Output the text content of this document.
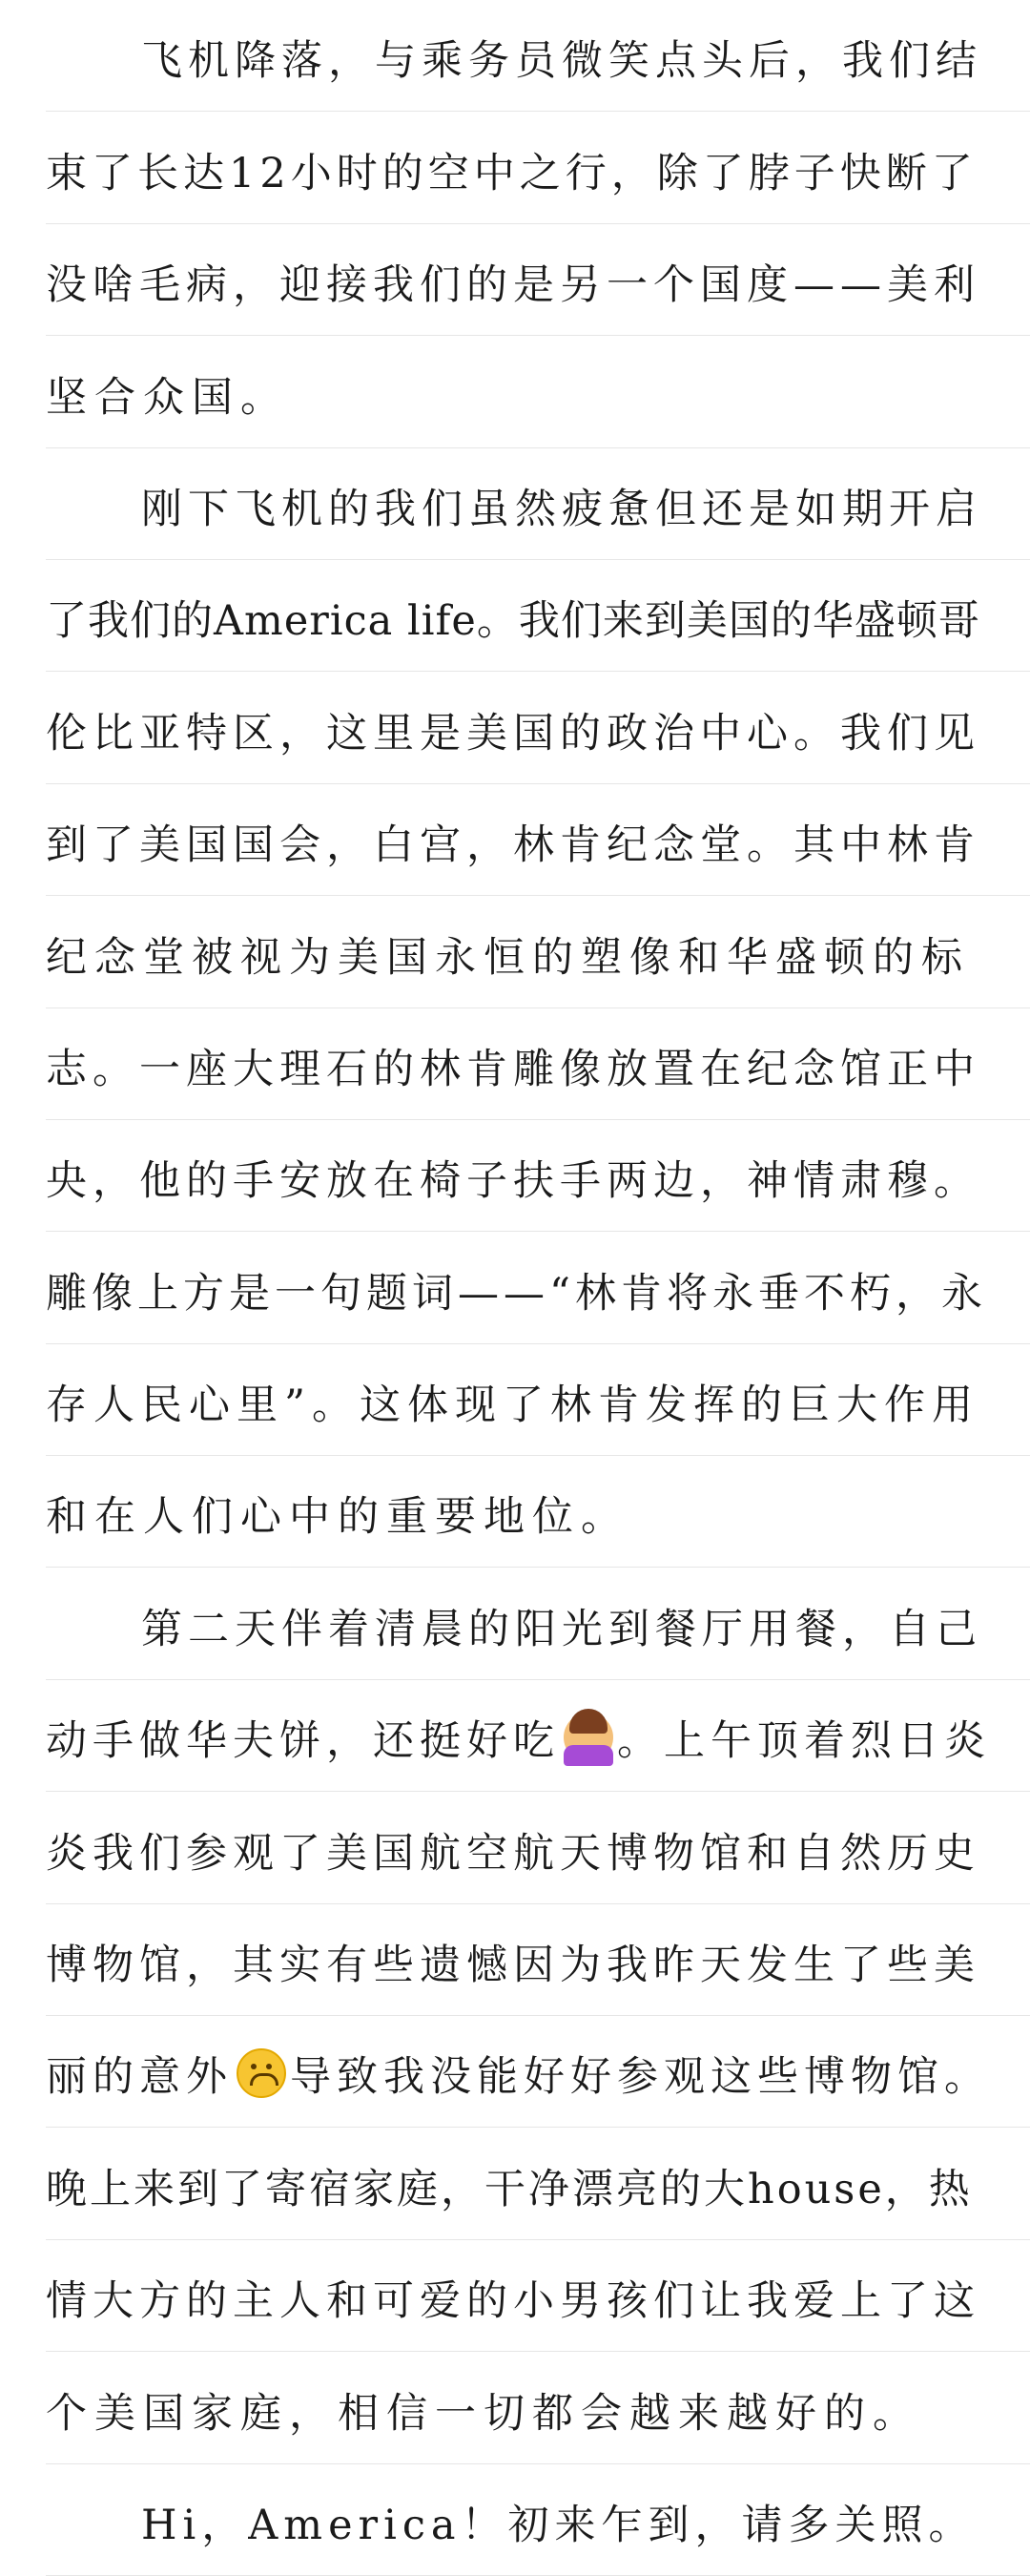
飞机降落，与乘务员微笑点头后，我们结
束了长达12小时的空中之行，除了脖子快断了
没啥毛病，迎接我们的是另一个国度——美利
坚合众国。
刚下飞机的我们虽然疲惫但还是如期开启
了我们的America life。我们来到美国的华盛顿哥
伦比亚特区，这里是美国的政治中心。我们见
到了美国国会，白宫，林肯纪念堂。其中林肯
纪念堂被视为美国永恒的塑像和华盛顿的标
志。一座大理石的林肯雕像放置在纪念馆正中
央，他的手安放在椅子扶手两边，神情肃穆。
雕像上方是一句题词——“林肯将永垂不朽，永
存人民心里”。这体现了林肯发挥的巨大作用
和在人们心中的重要地位。
第二天伴着清晨的阳光到餐厅用餐，自己
动手做华夫饼，还挺好吃 。上午顶着烈日炎
炎我们参观了美国航空航天博物馆和自然历史
博物馆，其实有些遗憾因为我昨天发生了些美
丽的意外 导致我没能好好参观这些博物馆。
晚上来到了寄宿家庭，干净漂亮的大house，热
情大方的主人和可爱的小男孩们让我爱上了这
个美国家庭，相信一切都会越来越好的。
Hi，America！初来乍到，请多关照。
